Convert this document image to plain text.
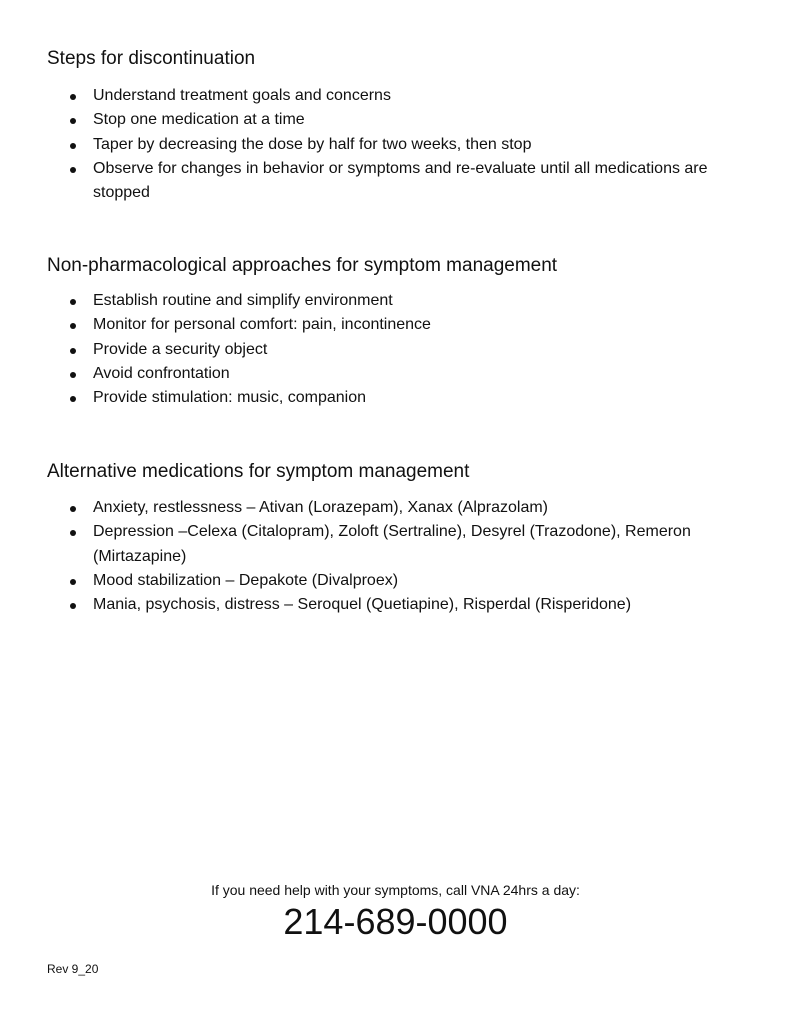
Steps for discontinuation
Understand treatment goals and concerns
Stop one medication at a time
Taper by decreasing the dose by half for two weeks, then stop
Observe for changes in behavior or symptoms and re-evaluate until all medications are stopped
Non-pharmacological approaches for symptom management
Establish routine and simplify environment
Monitor for personal comfort: pain, incontinence
Provide a security object
Avoid confrontation
Provide stimulation: music, companion
Alternative medications for symptom management
Anxiety, restlessness – Ativan (Lorazepam), Xanax (Alprazolam)
Depression –Celexa (Citalopram), Zoloft (Sertraline), Desyrel (Trazodone), Remeron (Mirtazapine)
Mood stabilization – Depakote (Divalproex)
Mania, psychosis, distress – Seroquel (Quetiapine), Risperdal (Risperidone)
If you need help with your symptoms, call VNA 24hrs a day:
214-689-0000
Rev 9_20
